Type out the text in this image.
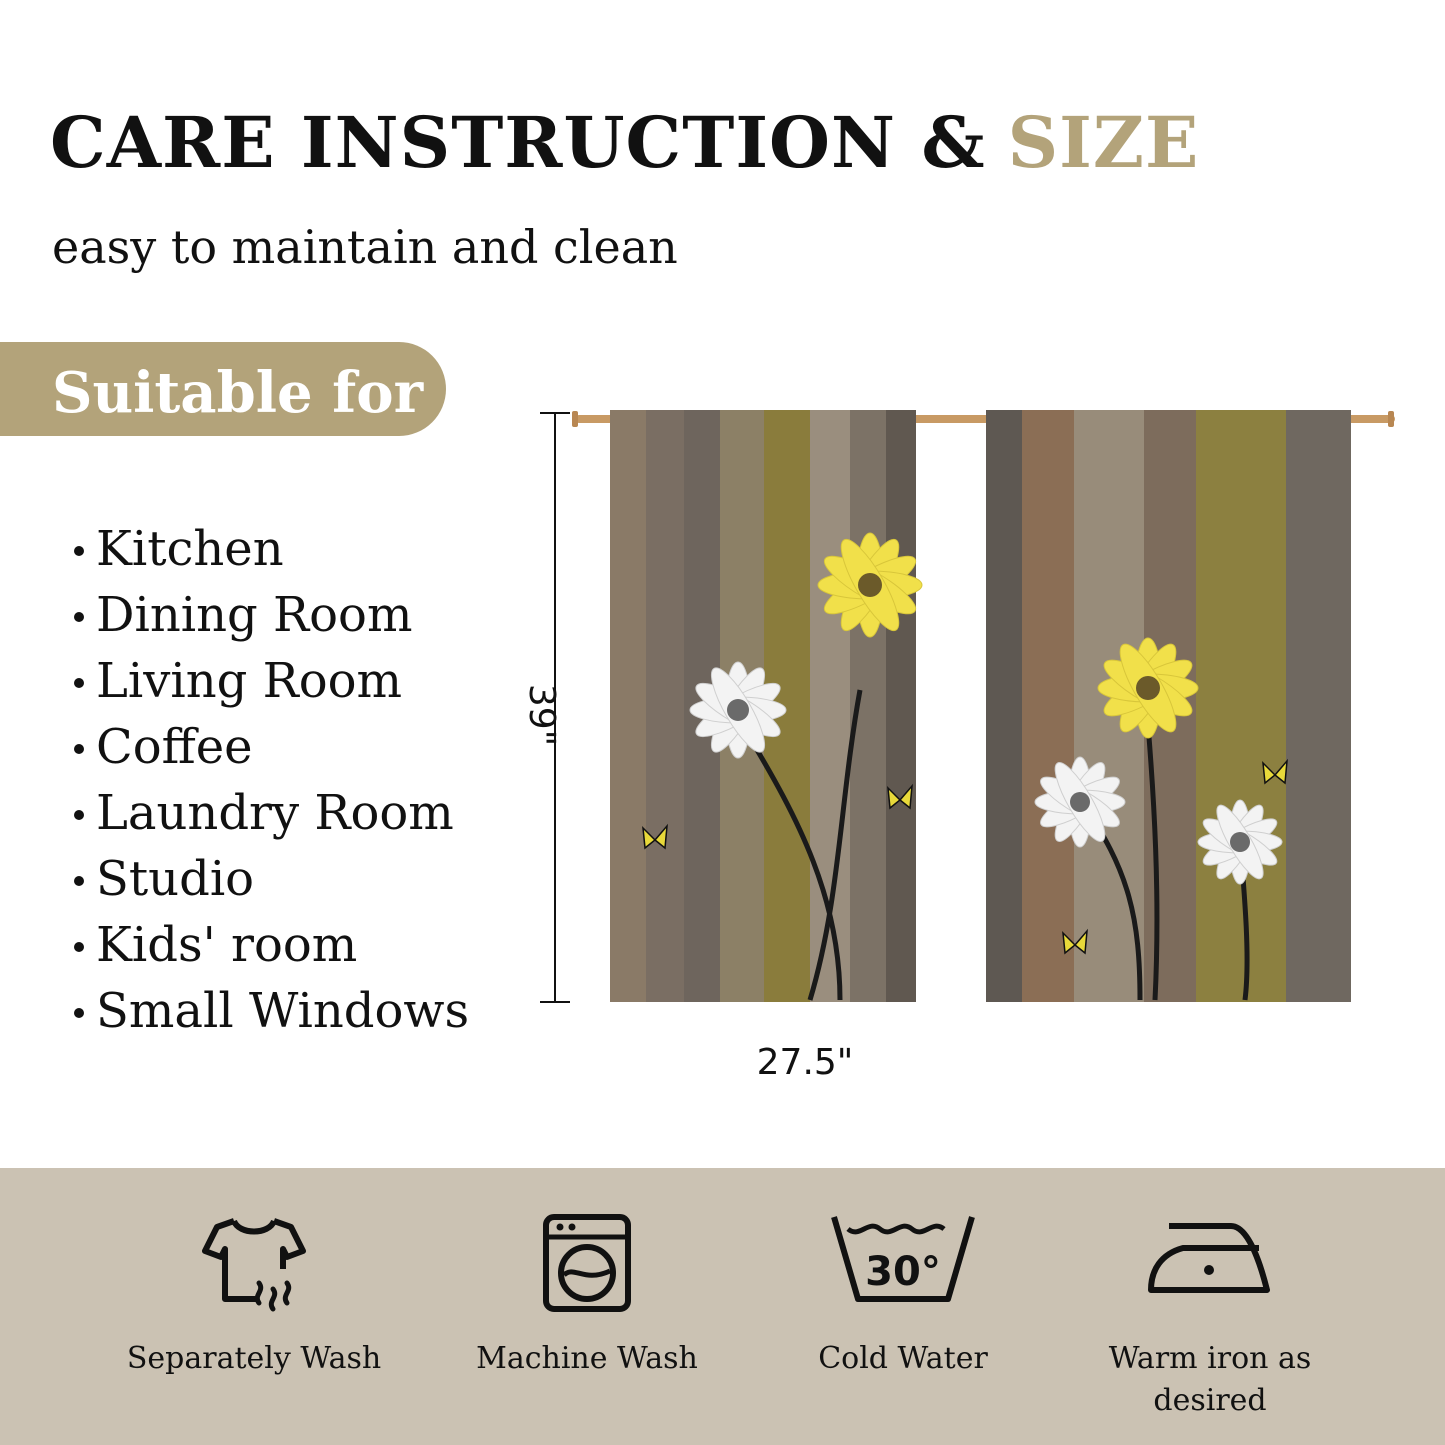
CARE INSTRUCTION & SIZE
easy to maintain and clean
Suitable for
Kitchen
Dining Room
Living Room
Coffee
Laundry Room
Studio
Kids' room
Small Windows
27.5"
39"
Separately Wash	Machine Wash
30°
Cold Water	Warm iron as
desired
